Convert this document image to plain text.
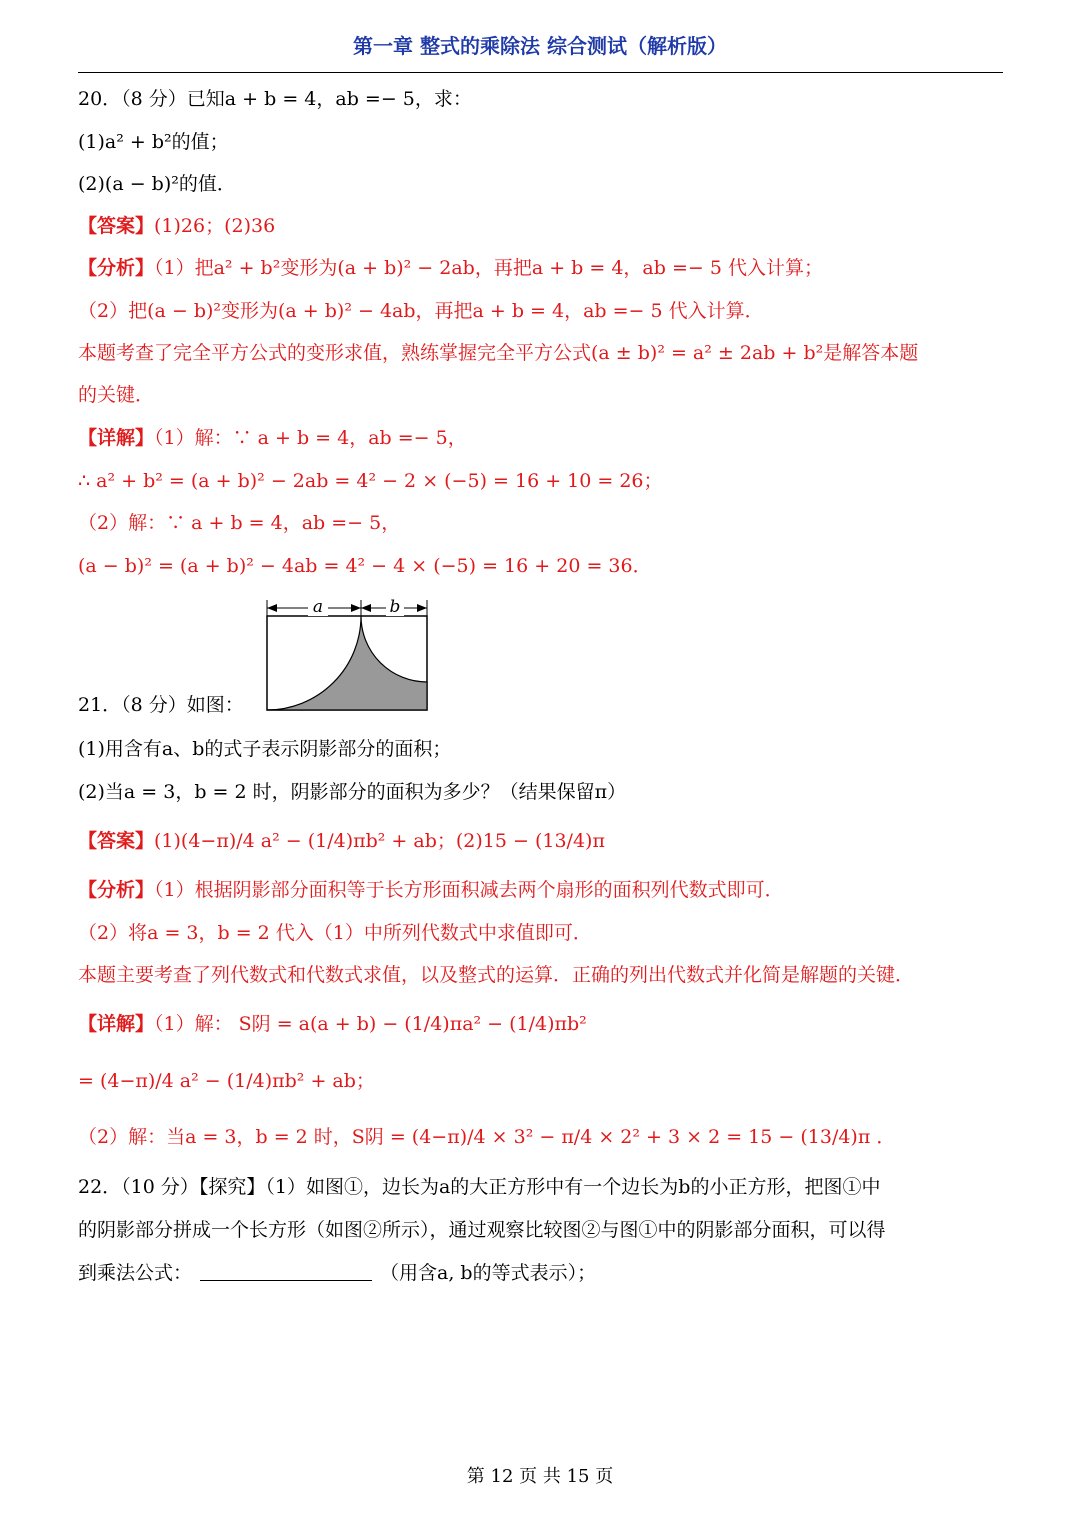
第一章 整式的乘除法 综合测试（解析版）
20．（8 分）已知a + b = 4，ab =− 5，求：
(1)a² + b²的值；
(2)(a − b)²的值．
【答案】(1)26；(2)36
【分析】（1）把a² + b²变形为(a + b)² − 2ab，再把a + b = 4，ab =− 5 代入计算；
（2）把(a − b)²变形为(a + b)² − 4ab，再把a + b = 4，ab =− 5 代入计算．
本题考查了完全平方公式的变形求值，熟练掌握完全平方公式(a ± b)² = a² ± 2ab + b²是解答本题
的关键．
【详解】（1）解：∵ a + b = 4，ab =− 5，
∴ a² + b² = (a + b)² − 2ab = 4² − 2 × (−5) = 16 + 10 = 26；
（2）解：∵ a + b = 4，ab =− 5，
(a − b)² = (a + b)² − 4ab = 4² − 4 × (−5) = 16 + 20 = 36．
a	b
21．（8 分）如图：
(1)用含有a、b的式子表示阴影部分的面积；
(2)当a = 3，b = 2 时，阴影部分的面积为多少？（结果保留π）
【答案】(1)(4−π)/4 a² − (1/4)πb² + ab；(2)15 − (13/4)π
【分析】（1）根据阴影部分面积等于长方形面积减去两个扇形的面积列代数式即可．
（2）将a = 3，b = 2 代入（1）中所列代数式中求值即可．
本题主要考查了列代数式和代数式求值，以及整式的运算．正确的列出代数式并化简是解题的关键．
【详解】（1）解： S阴 = a(a + b) − (1/4)πa² − (1/4)πb²
= (4−π)/4 a² − (1/4)πb² + ab；
（2）解：当a = 3，b = 2 时，S阴 = (4−π)/4 × 3² − π/4 × 2² + 3 × 2 = 15 − (13/4)π ．
22．（10 分）【探究】（1）如图①，边长为a的大正方形中有一个边长为b的小正方形，把图①中
的阴影部分拼成一个长方形（如图②所示），通过观察比较图②与图①中的阴影部分面积，可以得
到乘法公式：	（用含a, b的等式表示）；
第 12 页 共 15 页
